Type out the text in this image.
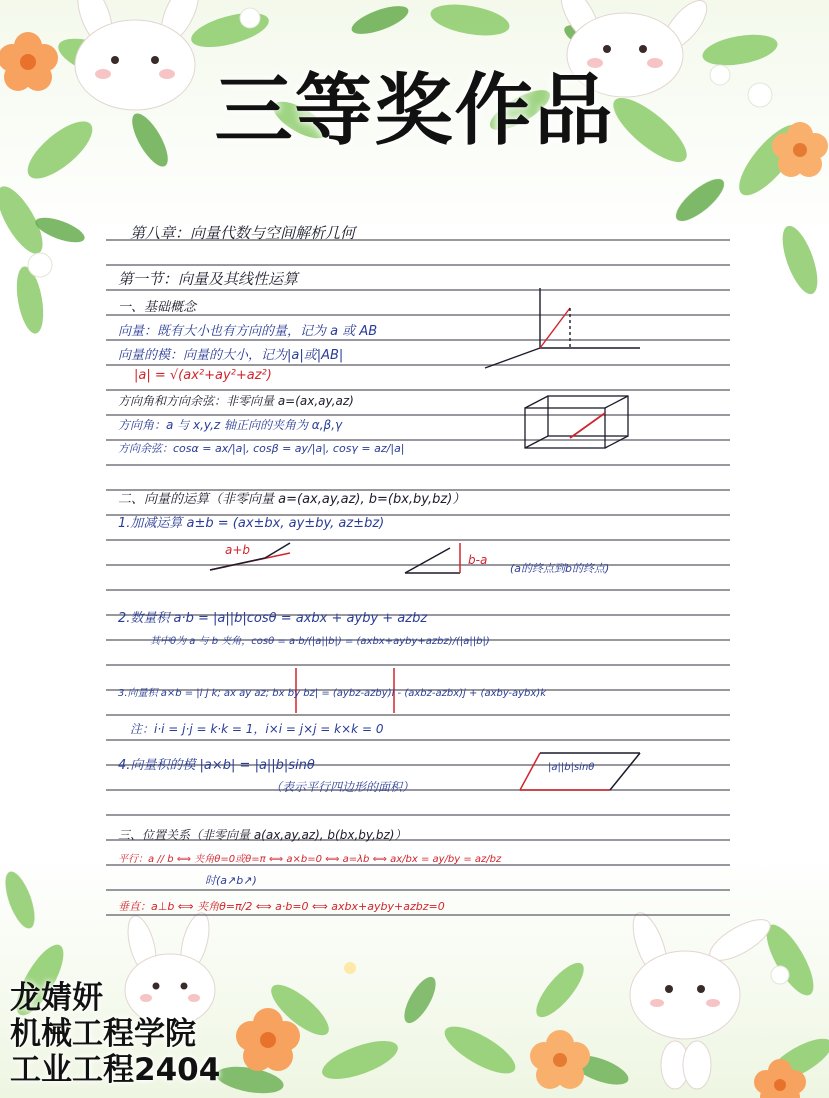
三等奖作品
第八章：向量代数与空间解析几何
第一节：向量及其线性运算
一、基础概念
向量：既有大小也有方向的量，记为 a 或 AB
向量的模：向量的大小，记为|a|或|AB|
|a| = √(ax²+ay²+az²)
方向角和方向余弦：非零向量 a=(ax,ay,az)
方向角：a 与 x,y,z 轴正向的夹角为 α,β,γ
方向余弦：cosα = ax/|a|, cosβ = ay/|a|, cosγ = az/|a|
二、向量的运算（非零向量 a=(ax,ay,az), b=(bx,by,bz)）
1.加减运算 a±b = (ax±bx, ay±by, az±bz)
a+b
b-a
(a的终点到b的终点)
2.数量积 a·b = |a||b|cosθ = axbx + ayby + azbz
其中θ为 a 与 b 夹角，cosθ = a·b/(|a||b|) = (axbx+ayby+azbz)/(|a||b|)
3.向量积 a×b = |i j k; ax ay az; bx by bz| = (aybz-azby)i - (axbz-azbx)j + (axby-aybx)k
注：i·i = j·j = k·k = 1，i×i = j×j = k×k = 0
4.向量积的模 |a×b| = |a||b|sinθ
（表示平行四边形的面积）
|a||b|sinθ
三、位置关系（非零向量 a(ax,ay,az), b(bx,by,bz)）
平行：a // b ⟺ 夹角θ=0或θ=π ⟺ a×b=0 ⟺ a=λb ⟺ ax/bx = ay/by = az/bz
时(a↗b↗)
垂直：a⊥b ⟺ 夹角θ=π/2 ⟺ a·b=0 ⟺ axbx+ayby+azbz=0
龙婧妍
机械工程学院
工业工程2404
